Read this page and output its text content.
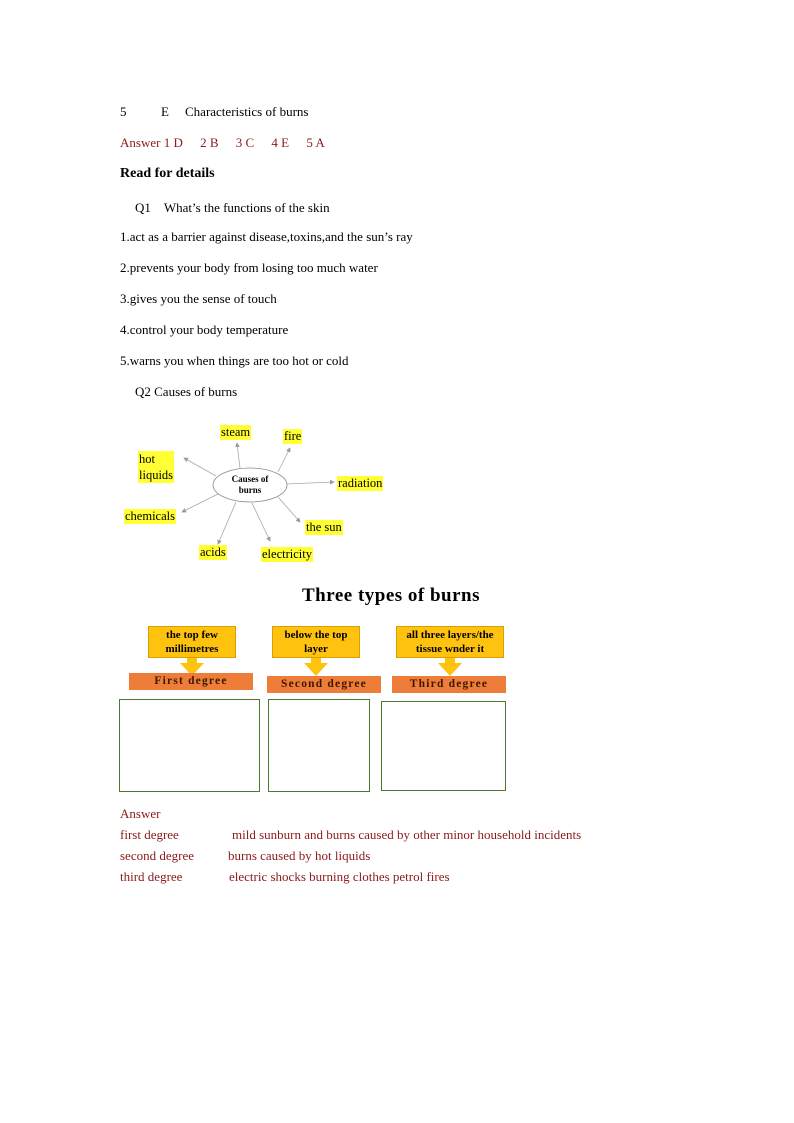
5	E Characteristics of burns
Answer 1 D 2 B 3 C 4 E 5 A
Read for details
Q1　What’s the functions of the skin
1.act as a barrier against disease,toxins,and the sun’s ray
2.prevents your body from losing too much water
3.gives you the sense of touch
4.control your body temperature
5.warns you when things are too hot or cold
Q2 Causes of burns
Causes of
burns
steam	fire
hot
liquids
radiation
chemicals
the sun
acids	electricity
Three types of burns
the top few
millimetres
First degree
below the top
layer
Second degree
all three layers/the
tissue wnder it
Third degree
Answer
first degree	mild sunburn and burns caused by other minor household incidents
second degree	burns caused by hot liquids
third degree	electric shocks burning clothes petrol fires
